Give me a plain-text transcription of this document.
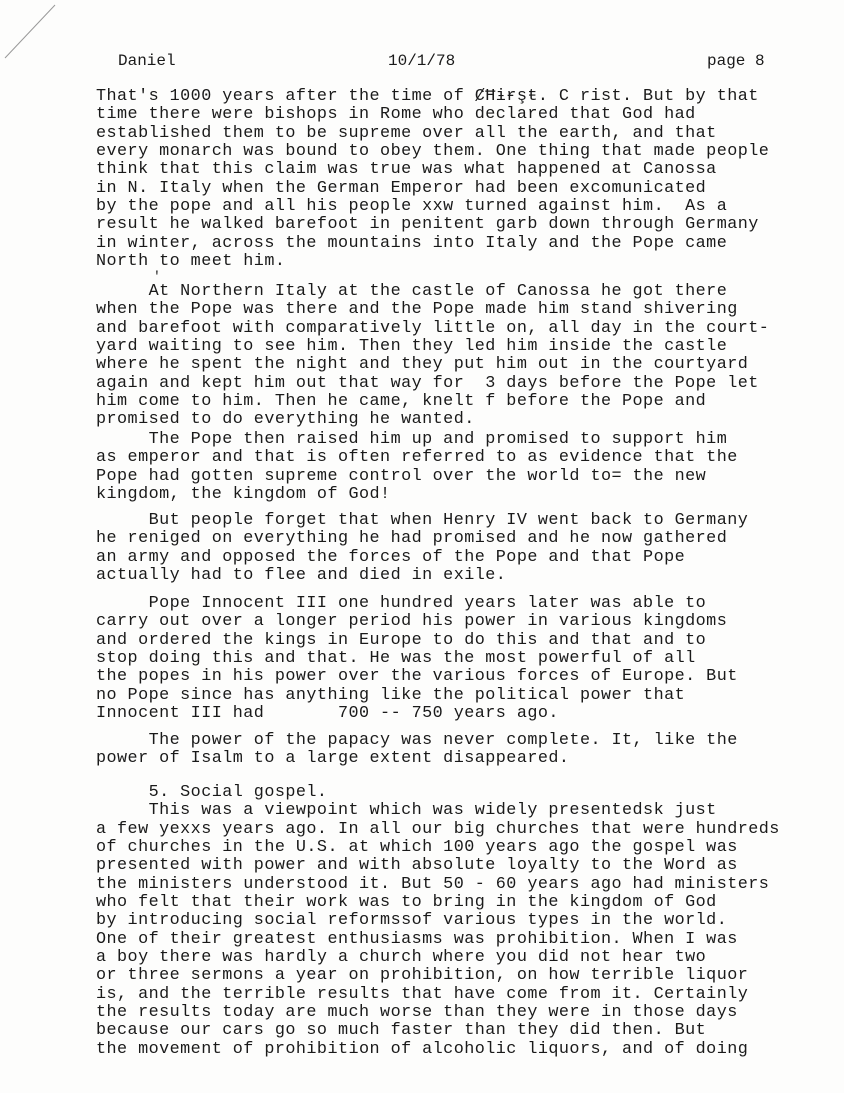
Daniel	10/1/78	page 8
'
That's 1000 years after the time of ȻĦɨɍşŧ. C rist. But by that
time there were bishops in Rome who declared that God had
established them to be supreme over all the earth, and that
every monarch was bound to obey them. One thing that made people
think that this claim was true was what happened at Canossa
in N. Italy when the German Emperor had been excomunicated
by the pope and all his people xxw turned against him.  As a
result he walked barefoot in penitent garb down through Germany
in winter, across the mountains into Italy and the Pope came
North to meet him.
At Northern Italy at the castle of Canossa he got there
when the Pope was there and the Pope made him stand shivering
and barefoot with comparatively little on, all day in the court-
yard waiting to see him. Then they led him inside the castle
where he spent the night and they put him out in the courtyard
again and kept him out that way for  3 days before the Pope let
him come to him. Then he came, knelt f before the Pope and
promised to do everything he wanted.
The Pope then raised him up and promised to support him
as emperor and that is often referred to as evidence that the
Pope had gotten supreme control over the world to= the new
kingdom, the kingdom of God!
But people forget that when Henry IV went back to Germany
he reniged on everything he had promised and he now gathered
an army and opposed the forces of the Pope and that Pope
actually had to flee and died in exile.
Pope Innocent III one hundred years later was able to
carry out over a longer period his power in various kingdoms
and ordered the kings in Europe to do this and that and to
stop doing this and that. He was the most powerful of all
the popes in his power over the various forces of Europe. But
no Pope since has anything like the political power that
Innocent III had       700 -- 750 years ago.
The power of the papacy was never complete. It, like the
power of Isalm to a large extent disappeared.
5. Social gospel.
This was a viewpoint which was widely presentedsk just
a few yexxs years ago. In all our big churches that were hundreds
of churches in the U.S. at which 100 years ago the gospel was
presented with power and with absolute loyalty to the Word as
the ministers understood it. But 50 - 60 years ago had ministers
who felt that their work was to bring in the kingdom of God
by introducing social reformssof various types in the world.
One of their greatest enthusiasms was prohibition. When I was
a boy there was hardly a church where you did not hear two
or three sermons a year on prohibition, on how terrible liquor
is, and the terrible results that have come from it. Certainly
the results today are much worse than they were in those days
because our cars go so much faster than they did then. But
the movement of prohibition of alcoholic liquors, and of doing
